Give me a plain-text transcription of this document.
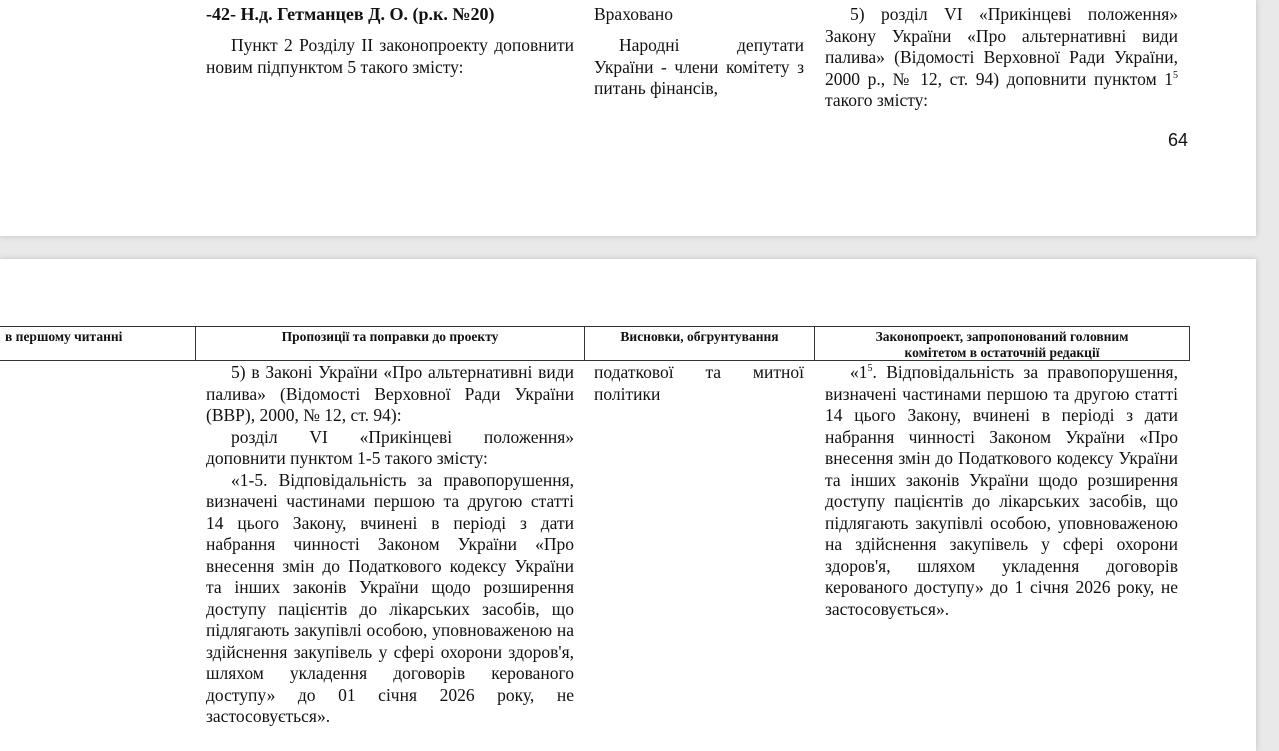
-42- Н.д. Гетманцев Д. О. (р.к. №20)

Пункт 2 Розділу II законопроекту доповнити новим підпунктом 5 такого змісту:

Враховано

Народні депутати України - члени комітету з питань фінансів,

5) розділ VI «Прикінцеві положення» Закону України «Про альтернативні види палива» (Відомості Верховної Ради України, 2000 р., № 12, ст. 94) доповнити пунктом $1^5$ такого змісту:

64
в першому читанні	Пропозиції та поправки до проекту	Висновки, обгрунтування	Законопроект, запропонований головним
комітетом в остаточній редакції

5) в Законі України «Про альтернативні види палива» (Відомості Верховної Ради України (ВВР), 2000, № 12, ст. 94):

розділ VI «Прикінцеві положення» доповнити пунктом 1-5 такого змісту:

«1-5. Відповідальність за правопорушення, визначені частинами першою та другою статті 14 цього Закону, вчинені в періоді з дати набрання чинності Законом України «Про внесення змін до Податкового кодексу України та інших законів України щодо розширення доступу пацієнтів до лікарських засобів, що підлягають закупівлі особою, уповноваженою на здійснення закупівель у сфері охорони здоров'я, шляхом укладення договорів керованого доступу» до 01 січня 2026 року, не застосовується».

податкової та митної політики

«$1^5$. Відповідальність за правопорушення, визначені частинами першою та другою статті 14 цього Закону, вчинені в періоді з дати набрання чинності Законом України «Про внесення змін до Податкового кодексу України та інших законів України щодо розширення доступу пацієнтів до лікарських засобів, що підлягають закупівлі особою, уповноваженою на здійснення закупівель у сфері охорони здоров'я, шляхом укладення договорів керованого доступу» до 1 січня 2026 року, не застосовується».
